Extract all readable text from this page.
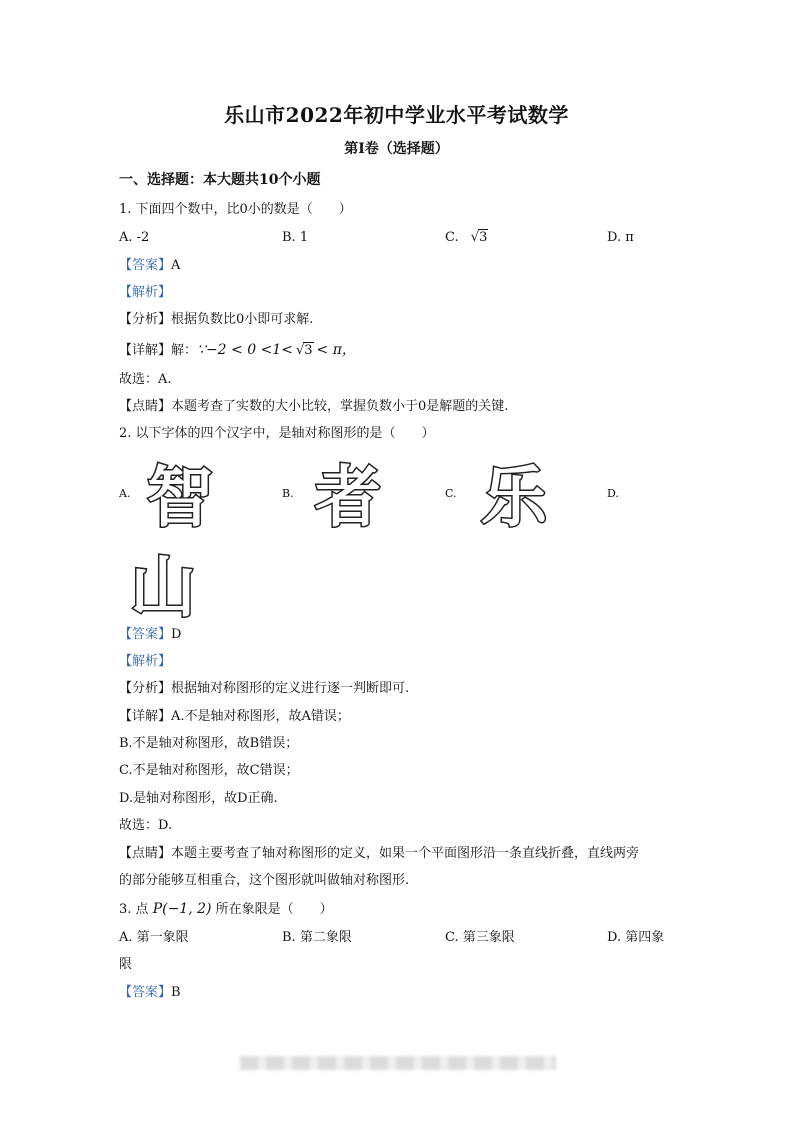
乐山市2022年初中学业水平考试数学
第Ⅰ卷（选择题）
一、选择题：本大题共10个小题
1. 下面四个数中，比0小的数是（　　）
A. -2	B. 1	C. √3	D. π
【答案】A
【解析】
【分析】根据负数比0小即可求解.
【详解】解：∵−2 < 0 <1< √3 < π，
故选：A.
【点睛】本题考查了实数的大小比较，掌握负数小于0是解题的关键.
2. 以下字体的四个汉字中，是轴对称图形的是（　　）
A.	B.	C.	D.
智 者 乐
山
【答案】D
【解析】
【分析】根据轴对称图形的定义进行逐一判断即可.
【详解】A.不是轴对称图形，故A错误；
B.不是轴对称图形，故B错误；
C.不是轴对称图形，故C错误；
D.是轴对称图形，故D正确.
故选：D.
【点睛】本题主要考查了轴对称图形的定义，如果一个平面图形沿一条直线折叠，直线两旁
的部分能够互相重合，这个图形就叫做轴对称图形.
3. 点 P(−1, 2) 所在象限是（　　）
A. 第一象限	B. 第二象限	C. 第三象限	D. 第四象
限
【答案】B
